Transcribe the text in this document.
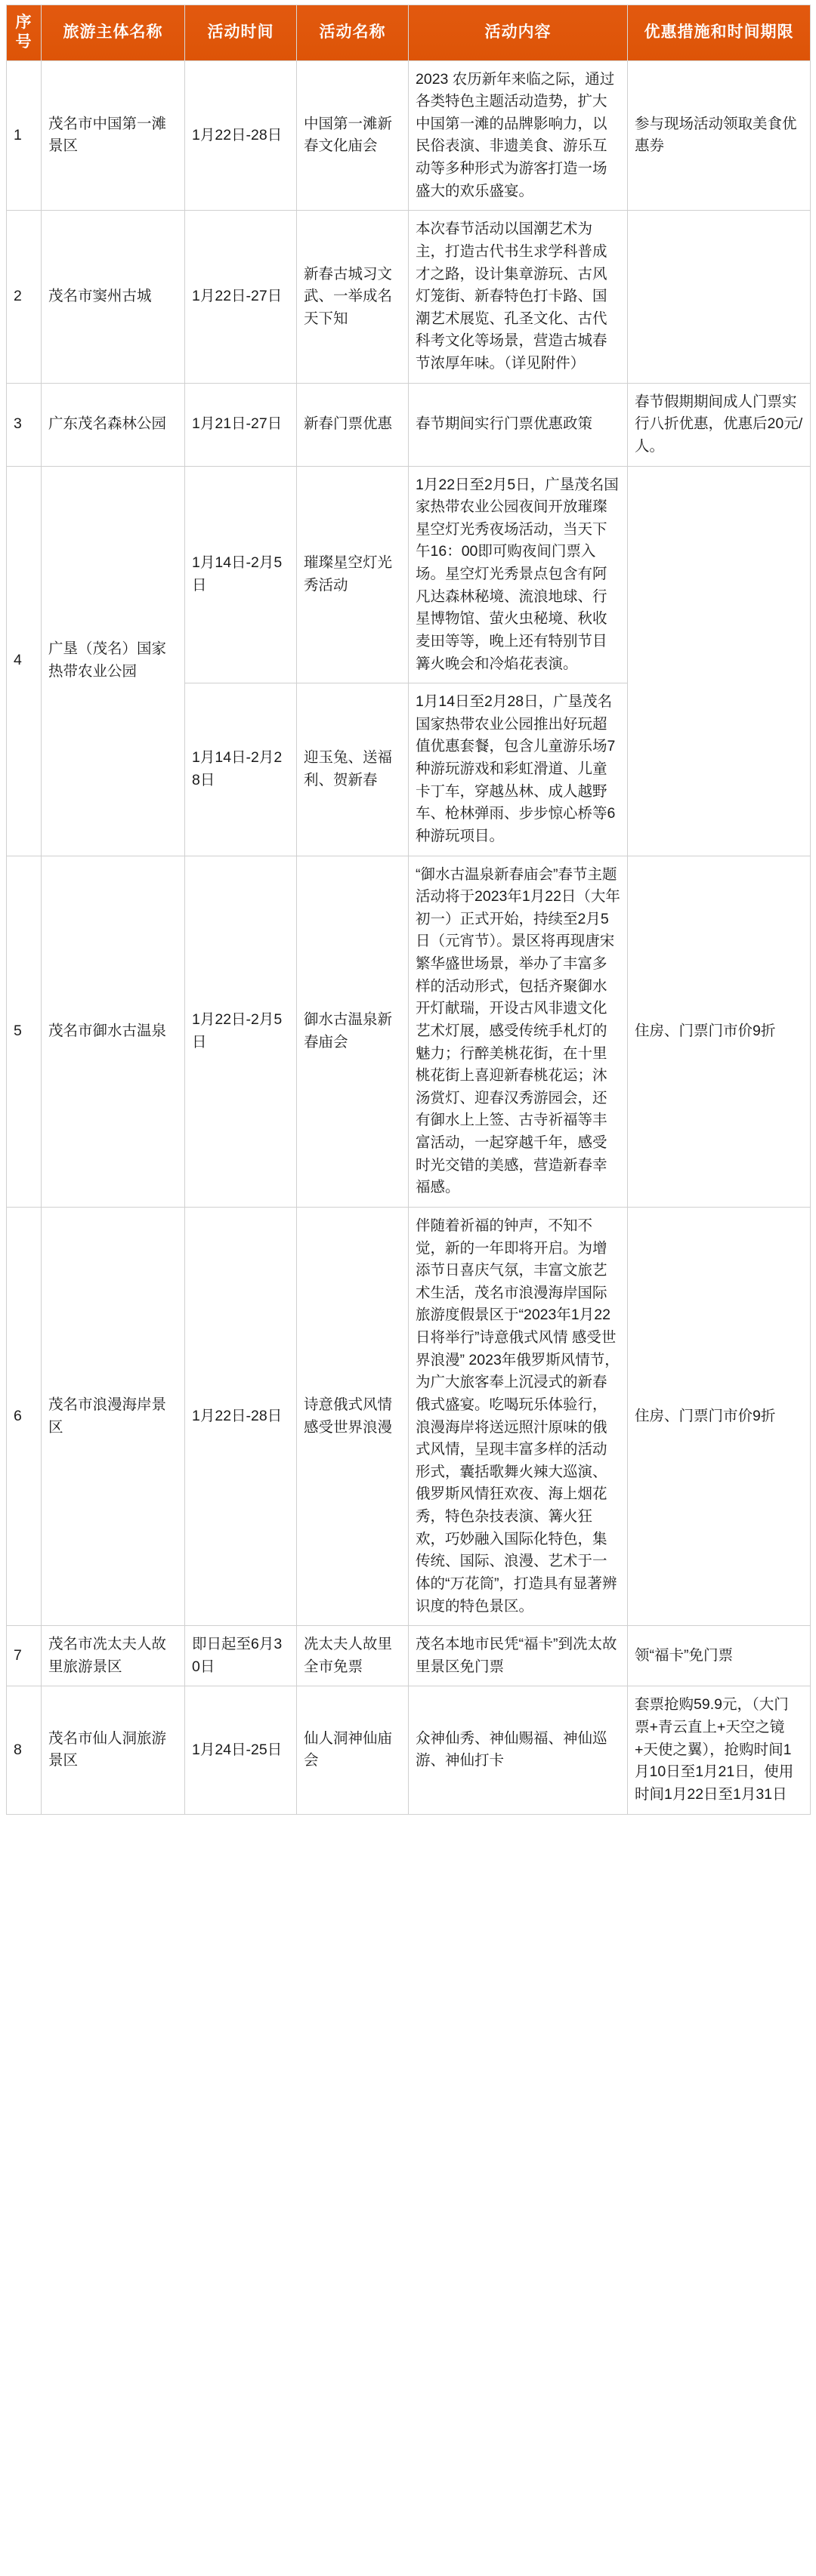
序号	旅游主体名称	活动时间	活动名称	活动内容	优惠措施和时间期限
1	茂名市中国第一滩景区	1月22日-28日	中国第一滩新春文化庙会	2023 农历新年来临之际，通过各类特色主题活动造势，扩大中国第一滩的品牌影响力，以民俗表演、非遗美食、游乐互动等多种形式为游客打造一场盛大的欢乐盛宴。	参与现场活动领取美食优惠券
2	茂名市窦州古城	1月22日-27日	新春古城习文武、一举成名天下知	本次春节活动以国潮艺术为主，打造古代书生求学科普成才之路，设计集章游玩、古风灯笼街、新春特色打卡路、国潮艺术展览、孔圣文化、古代科考文化等场景，营造古城春节浓厚年味。（详见附件）	
3	广东茂名森林公园	1月21日-27日	新春门票优惠	春节期间实行门票优惠政策	春节假期期间成人门票实行八折优惠，优惠后20元/人。
4	广垦（茂名）国家热带农业公园	1月14日-2月5日	璀璨星空灯光秀活动	1月22日至2月5日，广垦茂名国家热带农业公园夜间开放璀璨星空灯光秀夜场活动，当天下午16：00即可购夜间门票入场。星空灯光秀景点包含有阿凡达森林秘境、流浪地球、行星博物馆、萤火虫秘境、秋收麦田等等，晚上还有特别节目篝火晚会和冷焰花表演。	
		1月14日-2月28日	迎玉兔、送福利、贺新春	1月14日至2月28日，广垦茂名国家热带农业公园推出好玩超值优惠套餐，包含儿童游乐场7种游玩游戏和彩虹滑道、儿童卡丁车，穿越丛林、成人越野车、枪林弹雨、步步惊心桥等6种游玩项目。	
5	茂名市御水古温泉	1月22日-2月5日	御水古温泉新春庙会	“御水古温泉新春庙会”春节主题活动将于2023年1月22日（大年初一）正式开始，持续至2月5日（元宵节）。景区将再现唐宋繁华盛世场景，举办了丰富多样的活动形式，包括齐聚御水开灯献瑞，开设古风非遗文化艺术灯展，感受传统手札灯的魅力；行醉美桃花街，在十里桃花街上喜迎新春桃花运；沐汤赏灯、迎春汉秀游园会，还有御水上上签、古寺祈福等丰富活动，一起穿越千年，感受时光交错的美感，营造新春幸福感。	住房、门票门市价9折
6	茂名市浪漫海岸景区	1月22日-28日	诗意俄式风情感受世界浪漫	伴随着祈福的钟声，不知不觉，新的一年即将开启。为增添节日喜庆气氛，丰富文旅艺术生活，茂名市浪漫海岸国际旅游度假景区于“2023年1月22日将举行”诗意俄式风情 感受世界浪漫” 2023年俄罗斯风情节，为广大旅客奉上沉浸式的新春俄式盛宴。吃喝玩乐体验行，浪漫海岸将送远照汁原味的俄式风情，呈现丰富多样的活动形式，囊括歌舞火辣大巡演、俄罗斯风情狂欢夜、海上烟花秀，特色杂技表演、篝火狂欢，巧妙融入国际化特色，集传统、国际、浪漫、艺术于一体的“万花筒”，打造具有显著辨识度的特色景区。	住房、门票门市价9折
7	茂名市冼太夫人故里旅游景区	即日起至6月30日	冼太夫人故里全市免票	茂名本地市民凭“福卡”到冼太故里景区免门票	领“福卡”免门票
8	茂名市仙人洞旅游景区	1月24日-25日	仙人洞神仙庙会	众神仙秀、神仙赐福、神仙巡游、神仙打卡	套票抢购59.9元，（大门票+青云直上+天空之镜+天使之翼），抢购时间1月10日至1月21日，使用时间1月22日至1月31日
